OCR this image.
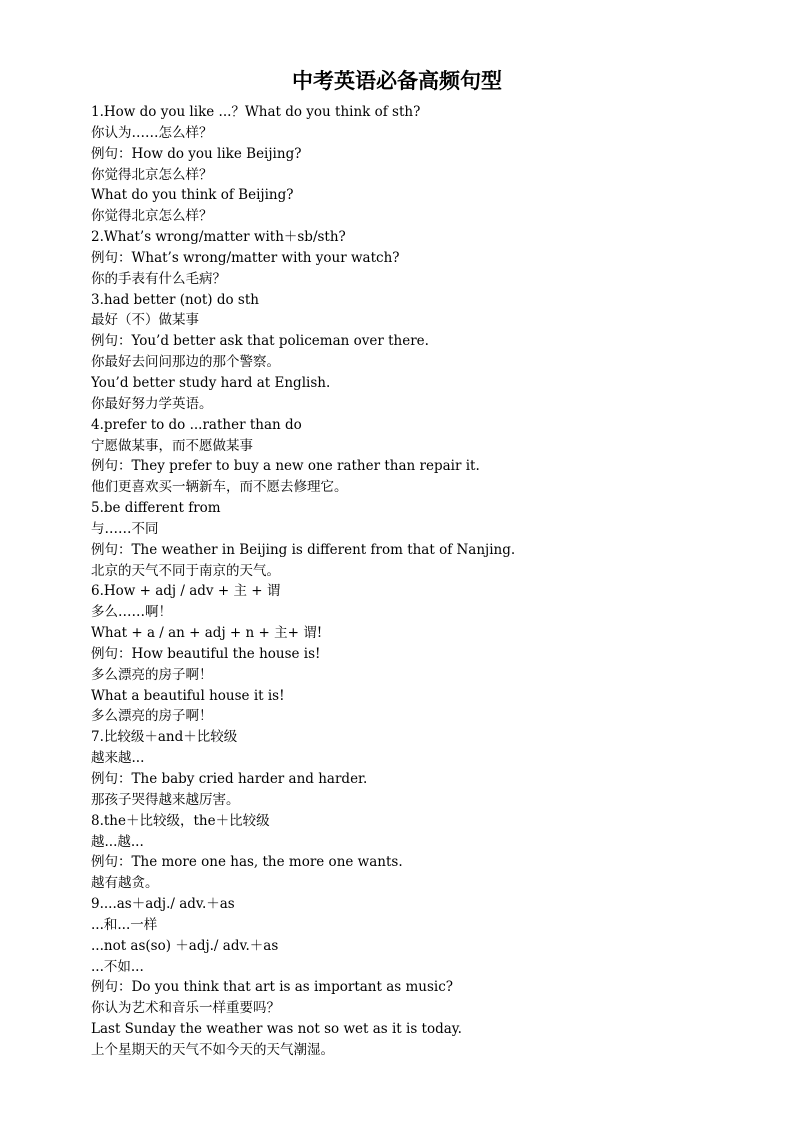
中考英语必备高频句型
1.How do you like ...？What do you think of sth?
你认为……怎么样？
例句：How do you like Beijing?
你觉得北京怎么样？
What do you think of Beijing?
你觉得北京怎么样？
2.What’s wrong/matter with＋sb/sth?
例句：What’s wrong/matter with your watch?
你的手表有什么毛病？
3.had better (not) do sth
最好（不）做某事
例句：You’d better ask that policeman over there.
你最好去问问那边的那个警察。
You’d better study hard at English.
你最好努力学英语。
4.prefer to do ...rather than do
宁愿做某事，而不愿做某事
例句：They prefer to buy a new one rather than repair it.
他们更喜欢买一辆新车，而不愿去修理它。
5.be different from
与……不同
例句：The weather in Beijing is different from that of Nanjing.
北京的天气不同于南京的天气。
6.How + adj / adv + 主 + 谓
多么……啊！
What + a / an + adj + n + 主+ 谓!
例句：How beautiful the house is!
多么漂亮的房子啊！
What a beautiful house it is!
多么漂亮的房子啊！
7.比较级＋and＋比较级
越来越...
例句：The baby cried harder and harder.
那孩子哭得越来越厉害。
8.the＋比较级，the＋比较级
越...越...
例句：The more one has, the more one wants.
越有越贪。
9....as＋adj./ adv.＋as
...和...一样
...not as(so) ＋adj./ adv.＋as
...不如...
例句：Do you think that art is as important as music?
你认为艺术和音乐一样重要吗？
Last Sunday the weather was not so wet as it is today.
上个星期天的天气不如今天的天气潮湿。
